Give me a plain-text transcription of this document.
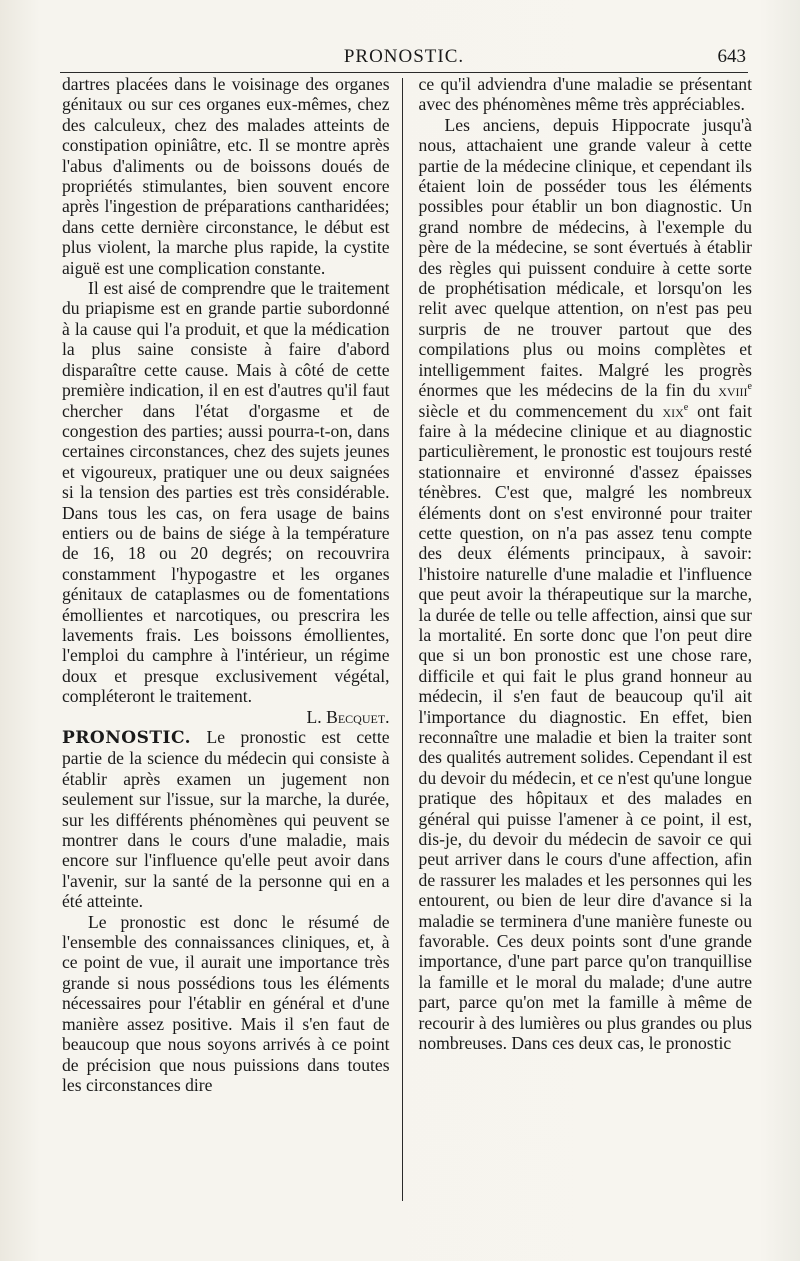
PRONOSTIC.	643

dartres placées dans le voisinage des organes génitaux ou sur ces organes eux-mêmes, chez des calculeux, chez des malades atteints de constipation opiniâtre, etc. Il se montre après l'abus d'aliments ou de boissons doués de propriétés stimulantes, bien souvent encore après l'ingestion de préparations cantharidées; dans cette dernière circonstance, le début est plus violent, la marche plus rapide, la cystite aiguë est une complication constante.

Il est aisé de comprendre que le traitement du priapisme est en grande partie subordonné à la cause qui l'a produit, et que la médication la plus saine consiste à faire d'abord disparaître cette cause. Mais à côté de cette première indication, il en est d'autres qu'il faut chercher dans l'état d'orgasme et de congestion des parties; aussi pourra-t-on, dans certaines circonstances, chez des sujets jeunes et vigoureux, pratiquer une ou deux saignées si la tension des parties est très considérable. Dans tous les cas, on fera usage de bains entiers ou de bains de siége à la température de 16, 18 ou 20 degrés; on recouvrira constamment l'hypogastre et les organes génitaux de cataplasmes ou de fomentations émollientes et narcotiques, ou prescrira les lavements frais. Les boissons émollientes, l'emploi du camphre à l'intérieur, un régime doux et presque exclusivement végétal, compléteront le traitement.

L. Becquet.

PRONOSTIC. Le pronostic est cette partie de la science du médecin qui consiste à établir après examen un jugement non seulement sur l'issue, sur la marche, la durée, sur les différents phénomènes qui peuvent se montrer dans le cours d'une maladie, mais encore sur l'influence qu'elle peut avoir dans l'avenir, sur la santé de la personne qui en a été atteinte.

Le pronostic est donc le résumé de l'ensemble des connaissances cliniques, et, à ce point de vue, il aurait une importance très grande si nous possédions tous les éléments nécessaires pour l'établir en général et d'une manière assez positive. Mais il s'en faut de beaucoup que nous soyons arrivés à ce point de précision que nous puissions dans toutes les circonstances dire

ce qu'il adviendra d'une maladie se présentant avec des phénomènes même très appréciables.

Les anciens, depuis Hippocrate jusqu'à nous, attachaient une grande valeur à cette partie de la médecine clinique, et cependant ils étaient loin de posséder tous les éléments possibles pour établir un bon diagnostic. Un grand nombre de médecins, à l'exemple du père de la médecine, se sont évertués à établir des règles qui puissent conduire à cette sorte de prophétisation médicale, et lorsqu'on les relit avec quelque attention, on n'est pas peu surpris de ne trouver partout que des compilations plus ou moins complètes et intelligemment faites. Malgré les progrès énormes que les médecins de la fin du xviii$^e$ siècle et du commencement du xix$^e$ ont fait faire à la médecine clinique et au diagnostic particulièrement, le pronostic est toujours resté stationnaire et environné d'assez épaisses ténèbres. C'est que, malgré les nombreux éléments dont on s'est environné pour traiter cette question, on n'a pas assez tenu compte des deux éléments principaux, à savoir: l'histoire naturelle d'une maladie et l'influence que peut avoir la thérapeutique sur la marche, la durée de telle ou telle affection, ainsi que sur la mortalité. En sorte donc que l'on peut dire que si un bon pronostic est une chose rare, difficile et qui fait le plus grand honneur au médecin, il s'en faut de beaucoup qu'il ait l'importance du diagnostic. En effet, bien reconnaître une maladie et bien la traiter sont des qualités autrement solides. Cependant il est du devoir du médecin, et ce n'est qu'une longue pratique des hôpitaux et des malades en général qui puisse l'amener à ce point, il est, dis-je, du devoir du médecin de savoir ce qui peut arriver dans le cours d'une affection, afin de rassurer les malades et les personnes qui les entourent, ou bien de leur dire d'avance si la maladie se terminera d'une manière funeste ou favorable. Ces deux points sont d'une grande importance, d'une part parce qu'on tranquillise la famille et le moral du malade; d'une autre part, parce qu'on met la famille à même de recourir à des lumières ou plus grandes ou plus nombreuses. Dans ces deux cas, le pronostic
